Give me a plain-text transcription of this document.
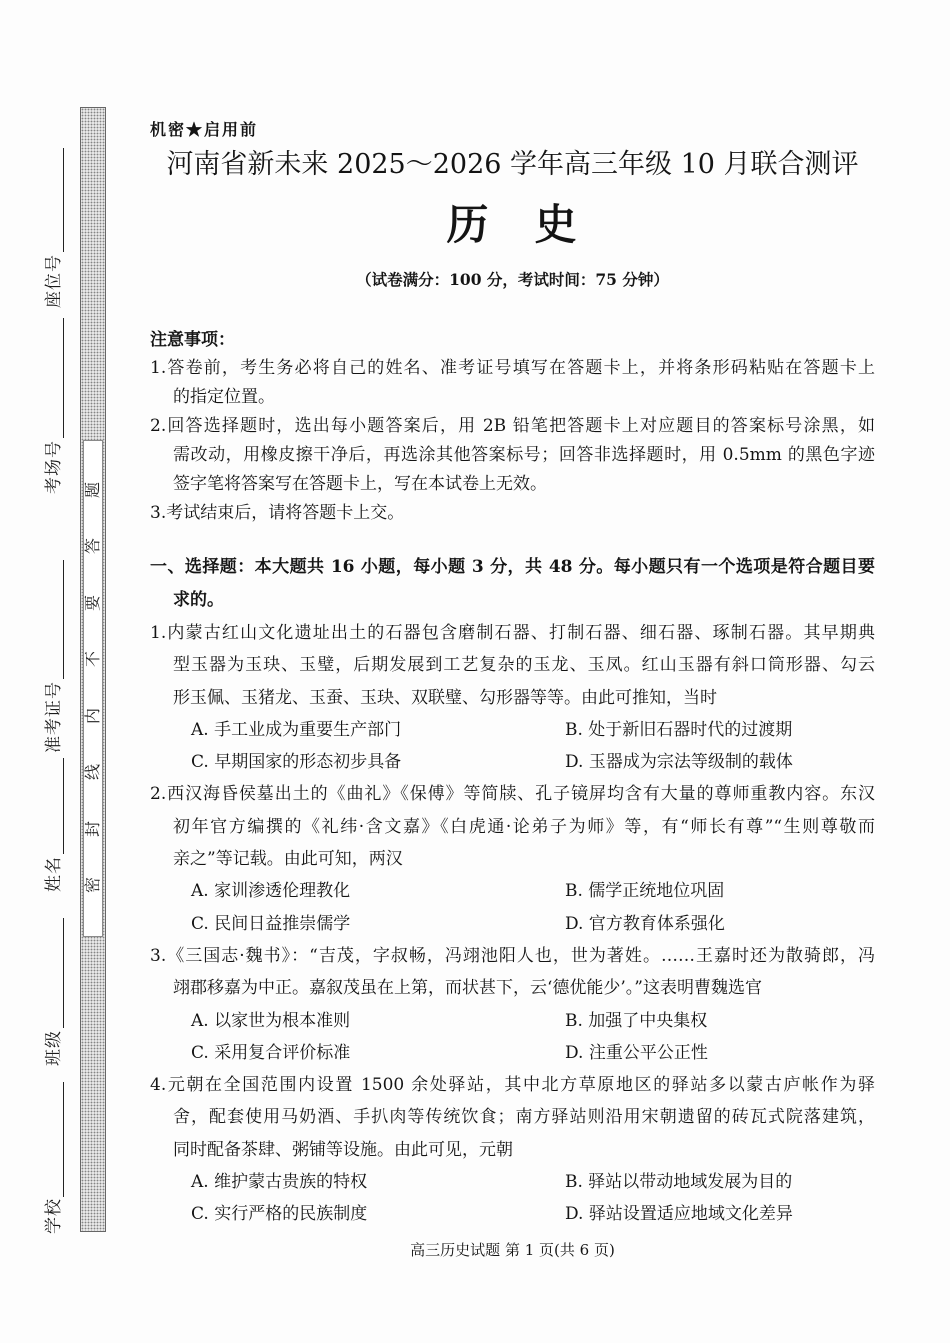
密
封
线
内
不
要
答
题
座位号
考场号
准考证号
姓名
班级
学校
机密★启用前
河南省新未来 2025～2026 学年高三年级 10 月联合测评
历　史
（试卷满分：100 分，考试时间：75 分钟）
注意事项：
1.答卷前，考生务必将自己的姓名、准考证号填写在答题卡上，并将条形码粘贴在答题卡上
的指定位置。
2.回答选择题时，选出每小题答案后，用 2B 铅笔把答题卡上对应题目的答案标号涂黑，如
需改动，用橡皮擦干净后，再选涂其他答案标号；回答非选择题时，用 0.5mm 的黑色字迹
签字笔将答案写在答题卡上，写在本试卷上无效。
3.考试结束后，请将答题卡上交。
一、选择题：本大题共 16 小题，每小题 3 分，共 48 分。每小题只有一个选项是符合题目要
求的。
1.内蒙古红山文化遗址出土的石器包含磨制石器、打制石器、细石器、琢制石器。其早期典
型玉器为玉玦、玉璧，后期发展到工艺复杂的玉龙、玉凤。红山玉器有斜口筒形器、勾云
形玉佩、玉猪龙、玉蚕、玉玦、双联璧、勾形器等等。由此可推知，当时
A. 手工业成为重要生产部门	B. 处于新旧石器时代的过渡期
C. 早期国家的形态初步具备	D. 玉器成为宗法等级制的载体
2.西汉海昏侯墓出土的《曲礼》《保傅》等简牍、孔子镜屏均含有大量的尊师重教内容。东汉
初年官方编撰的《礼纬·含文嘉》《白虎通·论弟子为师》等，有“师长有尊”“生则尊敬而
亲之”等记载。由此可知，两汉
A. 家训渗透伦理教化	B. 儒学正统地位巩固
C. 民间日益推崇儒学	D. 官方教育体系强化
3.《三国志·魏书》：“吉茂，字叔畅，冯翊池阳人也，世为著姓。……王嘉时还为散骑郎，冯
翊郡移嘉为中正。嘉叙茂虽在上第，而状甚下，云‘德优能少’。”这表明曹魏选官
A. 以家世为根本准则	B. 加强了中央集权
C. 采用复合评价标准	D. 注重公平公正性
4.元朝在全国范围内设置 1500 余处驿站，其中北方草原地区的驿站多以蒙古庐帐作为驿
舍，配套使用马奶酒、手扒肉等传统饮食；南方驿站则沿用宋朝遗留的砖瓦式院落建筑，
同时配备茶肆、粥铺等设施。由此可见，元朝
A. 维护蒙古贵族的特权	B. 驿站以带动地域发展为目的
C. 实行严格的民族制度	D. 驿站设置适应地域文化差异
高三历史试题 第 1 页(共 6 页)
